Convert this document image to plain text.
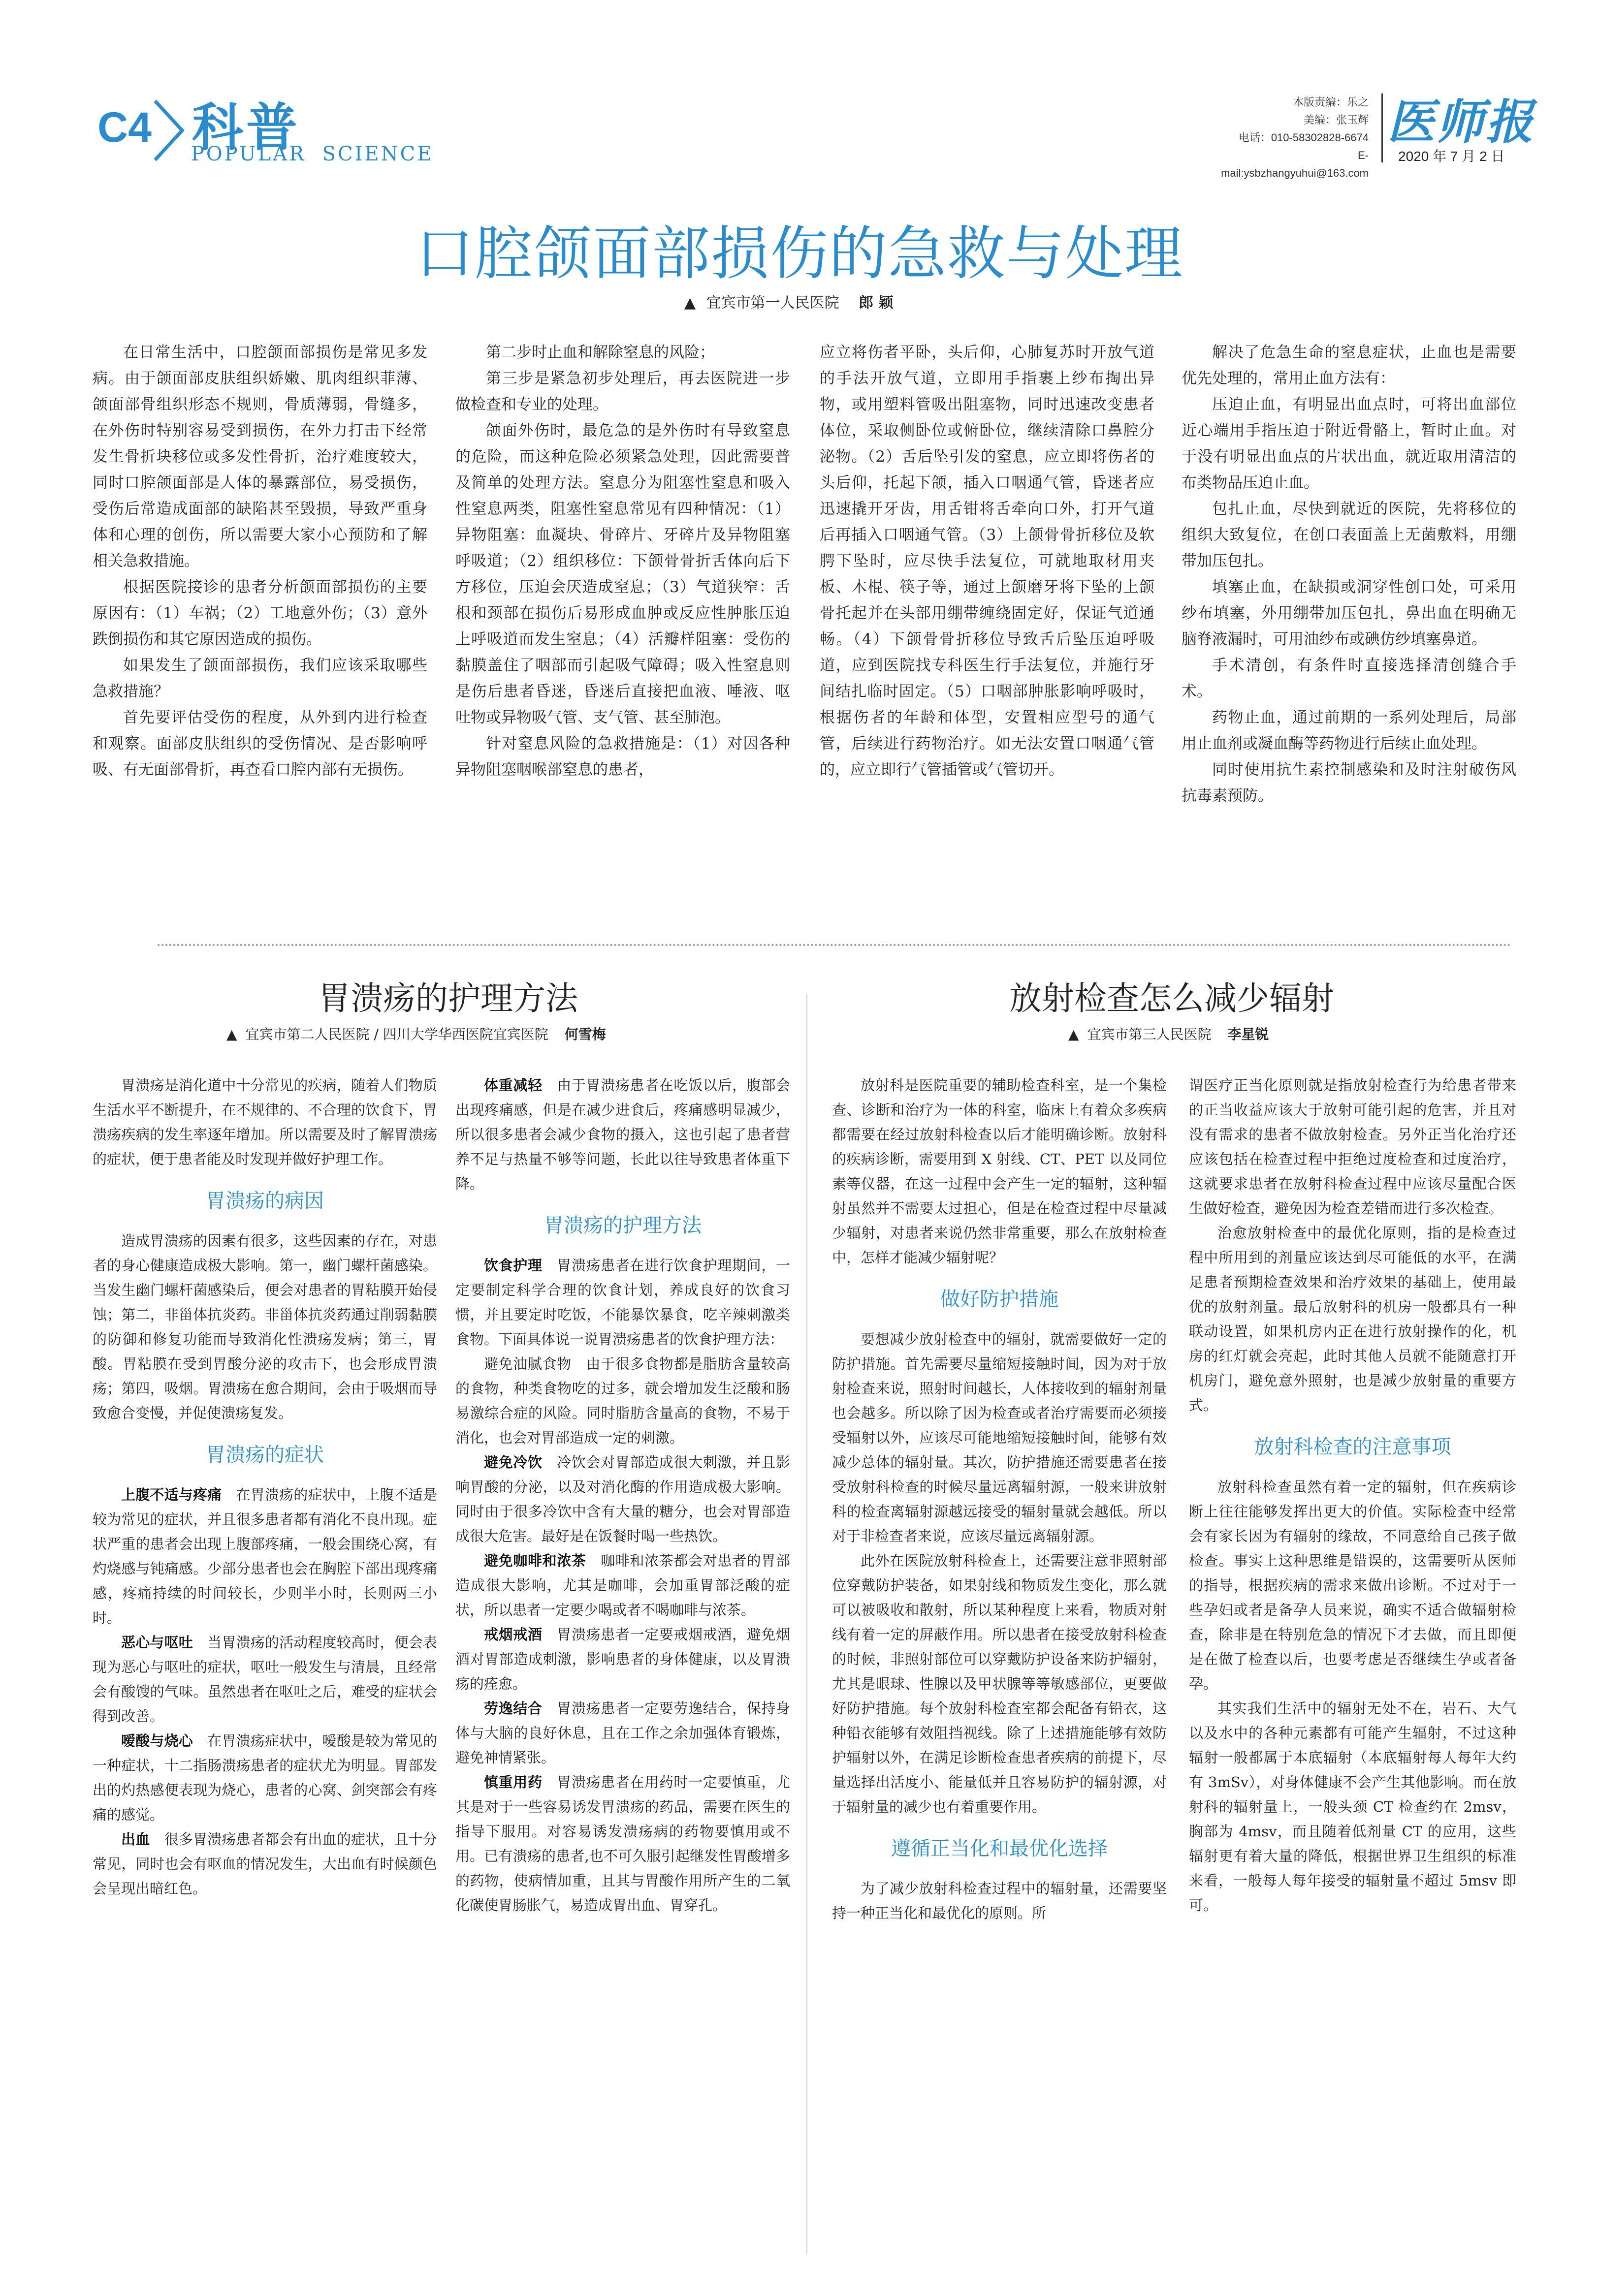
C4 科普
POPULAR  SCIENCE
本版责编：乐之
美编：张玉辉
电话：010-58302828-6674
E-mail:ysbzhangyuhui@163.com
医师报
2020 年 7 月 2 日
口腔颌面部损伤的急救与处理
▲ 宜宾市第一人民医院 郎 颖

在日常生活中，口腔颌面部损伤是常见多发病。由于颌面部皮肤组织娇嫩、肌肉组织菲薄、颌面部骨组织形态不规则，骨质薄弱，骨缝多，在外伤时特别容易受到损伤，在外力打击下经常发生骨折块移位或多发性骨折，治疗难度较大，同时口腔颌面部是人体的暴露部位，易受损伤，受伤后常造成面部的缺陷甚至毁损，导致严重身体和心理的创伤，所以需要大家小心预防和了解相关急救措施。

根据医院接诊的患者分析颌面部损伤的主要原因有：（1）车祸；（2）工地意外伤；（3）意外跌倒损伤和其它原因造成的损伤。

如果发生了颌面部损伤，我们应该采取哪些急救措施？

首先要评估受伤的程度，从外到内进行检查和观察。面部皮肤组织的受伤情况、是否影响呼吸、有无面部骨折，再查看口腔内部有无损伤。

第二步时止血和解除窒息的风险；

第三步是紧急初步处理后，再去医院进一步做检查和专业的处理。

颌面外伤时，最危急的是外伤时有导致窒息的危险，而这种危险必须紧急处理，因此需要普及简单的处理方法。窒息分为阻塞性窒息和吸入性窒息两类，阻塞性窒息常见有四种情况：（1）异物阻塞：血凝块、骨碎片、牙碎片及异物阻塞呼吸道；（2）组织移位：下颌骨骨折舌体向后下方移位，压迫会厌造成窒息；（3）气道狭窄：舌根和颈部在损伤后易形成血肿或反应性肿胀压迫上呼吸道而发生窒息；（4）活瓣样阻塞：受伤的黏膜盖住了咽部而引起吸气障碍；吸入性窒息则是伤后患者昏迷，昏迷后直接把血液、唾液、呕吐物或异物吸气管、支气管、甚至肺泡。

针对窒息风险的急救措施是：（1）对因各种异物阻塞咽喉部窒息的患者，

应立将伤者平卧，头后仰，心肺复苏时开放气道的手法开放气道，立即用手指裹上纱布掏出异物，或用塑料管吸出阻塞物，同时迅速改变患者体位，采取侧卧位或俯卧位，继续清除口鼻腔分泌物。（2）舌后坠引发的窒息，应立即将伤者的头后仰，托起下颌，插入口咽通气管，昏迷者应迅速撬开牙齿，用舌钳将舌牵向口外，打开气道后再插入口咽通气管。（3）上颌骨骨折移位及软腭下坠时，应尽快手法复位，可就地取材用夹板、木棍、筷子等，通过上颌磨牙将下坠的上颌骨托起并在头部用绷带缠绕固定好，保证气道通畅。（4）下颌骨骨折移位导致舌后坠压迫呼吸道，应到医院找专科医生行手法复位，并施行牙间结扎临时固定。（5）口咽部肿胀影响呼吸时，根据伤者的年龄和体型，安置相应型号的通气管，后续进行药物治疗。如无法安置口咽通气管的，应立即行气管插管或气管切开。

解决了危急生命的窒息症状，止血也是需要优先处理的，常用止血方法有：

压迫止血，有明显出血点时，可将出血部位近心端用手指压迫于附近骨骼上，暂时止血。对于没有明显出血点的片状出血，就近取用清洁的布类物品压迫止血。

包扎止血，尽快到就近的医院，先将移位的组织大致复位，在创口表面盖上无菌敷料，用绷带加压包扎。

填塞止血，在缺损或洞穿性创口处，可采用纱布填塞，外用绷带加压包扎，鼻出血在明确无脑脊液漏时，可用油纱布或碘仿纱填塞鼻道。

手术清创，有条件时直接选择清创缝合手术。

药物止血，通过前期的一系列处理后，局部用止血剂或凝血酶等药物进行后续止血处理。

同时使用抗生素控制感染和及时注射破伤风抗毒素预防。

胃溃疡的护理方法
▲ 宜宾市第二人民医院 / 四川大学华西医院宜宾医院 何雪梅

胃溃疡是消化道中十分常见的疾病，随着人们物质生活水平不断提升，在不规律的、不合理的饮食下，胃溃疡疾病的发生率逐年增加。所以需要及时了解胃溃疡的症状，便于患者能及时发现并做好护理工作。

胃溃疡的病因

造成胃溃疡的因素有很多，这些因素的存在，对患者的身心健康造成极大影响。第一，幽门螺杆菌感染。当发生幽门螺杆菌感染后，便会对患者的胃粘膜开始侵蚀；第二，非甾体抗炎药。非甾体抗炎药通过削弱黏膜的防御和修复功能而导致消化性溃疡发病；第三，胃酸。胃粘膜在受到胃酸分泌的攻击下，也会形成胃溃疡；第四，吸烟。胃溃疡在愈合期间，会由于吸烟而导致愈合变慢，并促使溃疡复发。

胃溃疡的症状

上腹不适与疼痛　 在胃溃疡的症状中，上腹不适是较为常见的症状，并且很多患者都有消化不良出现。症状严重的患者会出现上腹部疼痛，一般会围绕心窝，有灼烧感与钝痛感。少部分患者也会在胸腔下部出现疼痛感，疼痛持续的时间较长，少则半小时，长则两三小时。

恶心与呕吐　 当胃溃疡的活动程度较高时，便会表现为恶心与呕吐的症状，呕吐一般发生与清晨，且经常会有酸馊的气味。虽然患者在呕吐之后，难受的症状会得到改善。

嗳酸与烧心　 在胃溃疡症状中，嗳酸是较为常见的一种症状，十二指肠溃疡患者的症状尤为明显。胃部发出的灼热感便表现为烧心，患者的心窝、剑突部会有疼痛的感觉。

出血　 很多胃溃疡患者都会有出血的症状，且十分常见，同时也会有呕血的情况发生，大出血有时候颜色会呈现出暗红色。

体重减轻　 由于胃溃疡患者在吃饭以后，腹部会出现疼痛感，但是在减少进食后，疼痛感明显减少，所以很多患者会减少食物的摄入，这也引起了患者营养不足与热量不够等问题，长此以往导致患者体重下降。

胃溃疡的护理方法

饮食护理　 胃溃疡患者在进行饮食护理期间，一定要制定科学合理的饮食计划，养成良好的饮食习惯，并且要定时吃饭，不能暴饮暴食，吃辛辣刺激类食物。下面具体说一说胃溃疡患者的饮食护理方法：

避免油腻食物　由于很多食物都是脂肪含量较高的食物，种类食物吃的过多，就会增加发生泛酸和肠易激综合症的风险。同时脂肪含量高的食物，不易于消化，也会对胃部造成一定的刺激。

避免冷饮　 冷饮会对胃部造成很大刺激，并且影响胃酸的分泌，以及对消化酶的作用造成极大影响。同时由于很多冷饮中含有大量的糖分，也会对胃部造成很大危害。最好是在饭餐时喝一些热饮。

避免咖啡和浓茶　 咖啡和浓茶都会对患者的胃部造成很大影响，尤其是咖啡，会加重胃部泛酸的症状，所以患者一定要少喝或者不喝咖啡与浓茶。

戒烟戒酒　 胃溃疡患者一定要戒烟戒酒，避免烟酒对胃部造成刺激，影响患者的身体健康，以及胃溃疡的痊愈。

劳逸结合　 胃溃疡患者一定要劳逸结合，保持身体与大脑的良好休息，且在工作之余加强体育锻炼，避免神情紧张。

慎重用药　 胃溃疡患者在用药时一定要慎重，尤其是对于一些容易诱发胃溃疡的药品，需要在医生的指导下服用。对容易诱发溃疡病的药物要慎用或不用。已有溃疡的患者,也不可久服引起继发性胃酸增多的药物，使病情加重，且其与胃酸作用所产生的二氧化碳使胃肠胀气，易造成胃出血、胃穿孔。

放射检查怎么减少辐射
▲ 宜宾市第三人民医院 李星锐

放射科是医院重要的辅助检查科室，是一个集检查、诊断和治疗为一体的科室，临床上有着众多疾病都需要在经过放射科检查以后才能明确诊断。放射科的疾病诊断，需要用到 X 射线、CT、PET 以及同位素等仪器，在这一过程中会产生一定的辐射，这种辐射虽然并不需要太过担心，但是在检查过程中尽量减少辐射，对患者来说仍然非常重要，那么在放射检查中，怎样才能减少辐射呢？

做好防护措施

要想减少放射检查中的辐射，就需要做好一定的防护措施。首先需要尽量缩短接触时间，因为对于放射检查来说，照射时间越长，人体接收到的辐射剂量也会越多。所以除了因为检查或者治疗需要而必须接受辐射以外，应该尽可能地缩短接触时间，能够有效减少总体的辐射量。其次，防护措施还需要患者在接受放射科检查的时候尽量远离辐射源，一般来讲放射科的检查离辐射源越远接受的辐射量就会越低。所以对于非检查者来说，应该尽量远离辐射源。

此外在医院放射科检查上，还需要注意非照射部位穿戴防护装备，如果射线和物质发生变化，那么就可以被吸收和散射，所以某种程度上来看，物质对射线有着一定的屏蔽作用。所以患者在接受放射科检查的时候，非照射部位可以穿戴防护设备来防护辐射，尤其是眼球、性腺以及甲状腺等等敏感部位，更要做好防护措施。每个放射科检查室都会配备有铅衣，这种铅衣能够有效阻挡视线。除了上述措施能够有效防护辐射以外，在满足诊断检查患者疾病的前提下，尽量选择出活度小、能量低并且容易防护的辐射源，对于辐射量的减少也有着重要作用。

遵循正当化和最优化选择

为了减少放射科检查过程中的辐射量，还需要坚持一种正当化和最优化的原则。所

谓医疗正当化原则就是指放射检查行为给患者带来的正当收益应该大于放射可能引起的危害，并且对没有需求的患者不做放射检查。另外正当化治疗还应该包括在检查过程中拒绝过度检查和过度治疗，这就要求患者在放射科检查过程中应该尽量配合医生做好检查，避免因为检查差错而进行多次检查。

治愈放射检查中的最优化原则，指的是检查过程中所用到的剂量应该达到尽可能低的水平，在满足患者预期检查效果和治疗效果的基础上，使用最优的放射剂量。最后放射科的机房一般都具有一种联动设置，如果机房内正在进行放射操作的化，机房的红灯就会亮起，此时其他人员就不能随意打开机房门，避免意外照射，也是减少放射量的重要方式。

放射科检查的注意事项

放射科检查虽然有着一定的辐射，但在疾病诊断上往往能够发挥出更大的价值。实际检查中经常会有家长因为有辐射的缘故，不同意给自己孩子做检查。事实上这种思维是错误的，这需要听从医师的指导，根据疾病的需求来做出诊断。不过对于一些孕妇或者是备孕人员来说，确实不适合做辐射检查，除非是在特别危急的情况下才去做，而且即便是在做了检查以后，也要考虑是否继续生孕或者备孕。

其实我们生活中的辐射无处不在，岩石、大气以及水中的各种元素都有可能产生辐射，不过这种辐射一般都属于本底辐射（本底辐射每人每年大约有 3mSv），对身体健康不会产生其他影响。而在放射科的辐射量上，一般头颈 CT 检查约在 2msv，胸部为 4msv，而且随着低剂量 CT 的应用，这些辐射更有着大量的降低，根据世界卫生组织的标准来看，一般每人每年接受的辐射量不超过 5msv 即可。
